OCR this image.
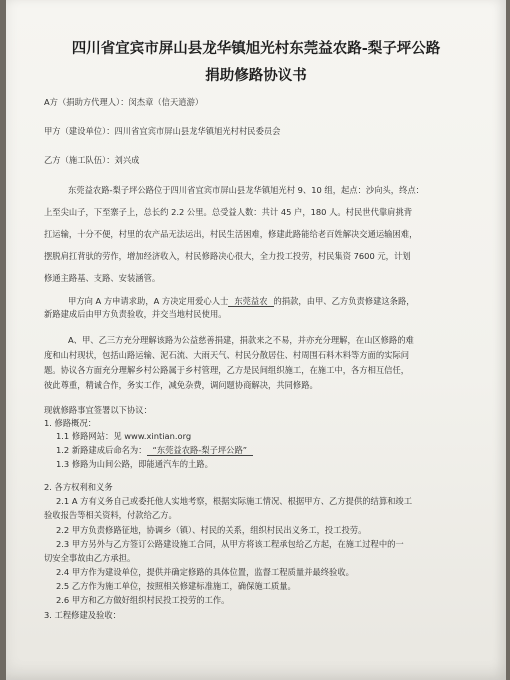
四川省宜宾市屏山县龙华镇旭光村东莞益农路-梨子坪公路
捐助修路协议书
A方（捐助方代理人）：闵杰章（信天逍游）
甲方（建设单位）：四川省宜宾市屏山县龙华镇旭光村村民委员会
乙方（施工队伍）：刘兴成
东莞益农路-梨子坪公路位于四川省宜宾市屏山县龙华镇旭光村 9、10 组，起点：沙向头，终点：
上至尖山子，下至寨子上，总长约 2.2 公里。总受益人数：共计 45 户，180 人。村民世代靠肩挑背
扛运输，十分不便，村里的农产品无法运出，村民生活困难，修建此路能给老百姓解决交通运输困难，
摆脱肩扛背驮的劳作，增加经济收入，村民修路决心很大，全力投工投劳，村民集资 7600 元，计划
修通主路基、支路、安装涵管。
甲方向 A 方申请求助，A 方决定用爱心人士 东莞益农 的捐款，由甲、乙方负责修建这条路，
新路建成后由甲方负责验收，并交当地村民使用。
A、甲、乙三方充分理解该路为公益慈善捐建，捐款来之不易，并亦充分理解，在山区修路的难
度和山村现状，包括山路运输、泥石流、大雨天气、村民分散居住、村周围石料木料等方面的实际问
题。协议各方面充分理解乡村公路属于乡村管理，乙方是民间组织施工，在施工中，各方相互信任，
彼此尊重，精诚合作，务实工作，减免杂费，调问题协商解决，共同修路。
现就修路事宜签署以下协议：
1. 修路概况：
1.1 修路网站：见 www.xintian.org
1.2 新路建成后命名为： “东莞益农路-梨子坪公路”
1.3 修路为山间公路，即能通汽车的土路。
2. 各方权利和义务
2.1 A 方有义务自己或委托他人实地考察，根据实际施工情况、根据甲方、乙方提供的结算和竣工
验收报告等相关资料，付款给乙方。
2.2 甲方负责修路征地，协调乡（镇）、村民的关系，组织村民出义务工，投工投劳。
2.3 甲方另外与乙方签订公路建设施工合同，从甲方将该工程承包给乙方起，在施工过程中的一
切安全事故由乙方承担。
2.4 甲方作为建设单位，提供并确定修路的具体位置，监督工程质量并最终验收。
2.5 乙方作为施工单位，按照相关修建标准施工，确保施工质量。
2.6 甲方和乙方做好组织村民投工投劳的工作。
3. 工程修建及验收：
